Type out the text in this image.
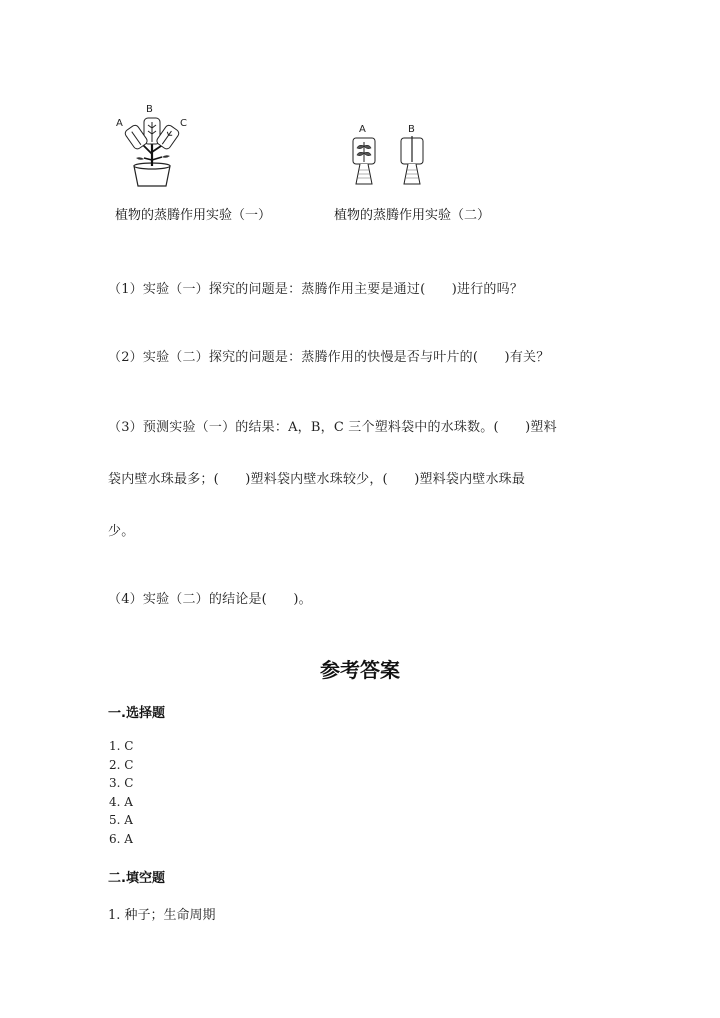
A
B
C
植物的蒸腾作用实验（一）
A	B
植物的蒸腾作用实验（二）
（1）实验（一）探究的问题是：蒸腾作用主要是通过(　　)进行的吗？
（2）实验（二）探究的问题是：蒸腾作用的快慢是否与叶片的(　　)有关？
（3）预测实验（一）的结果：A，B，C 三个塑料袋中的水珠数。(　　)塑料
袋内壁水珠最多；(　　)塑料袋内壁水珠较少，(　　)塑料袋内壁水珠最
少。
（4）实验（二）的结论是(　　)。
参考答案
一.选择题
1. C
2. C
3. C
4. A
5. A
6. A
二.填空题
1. 种子；生命周期
